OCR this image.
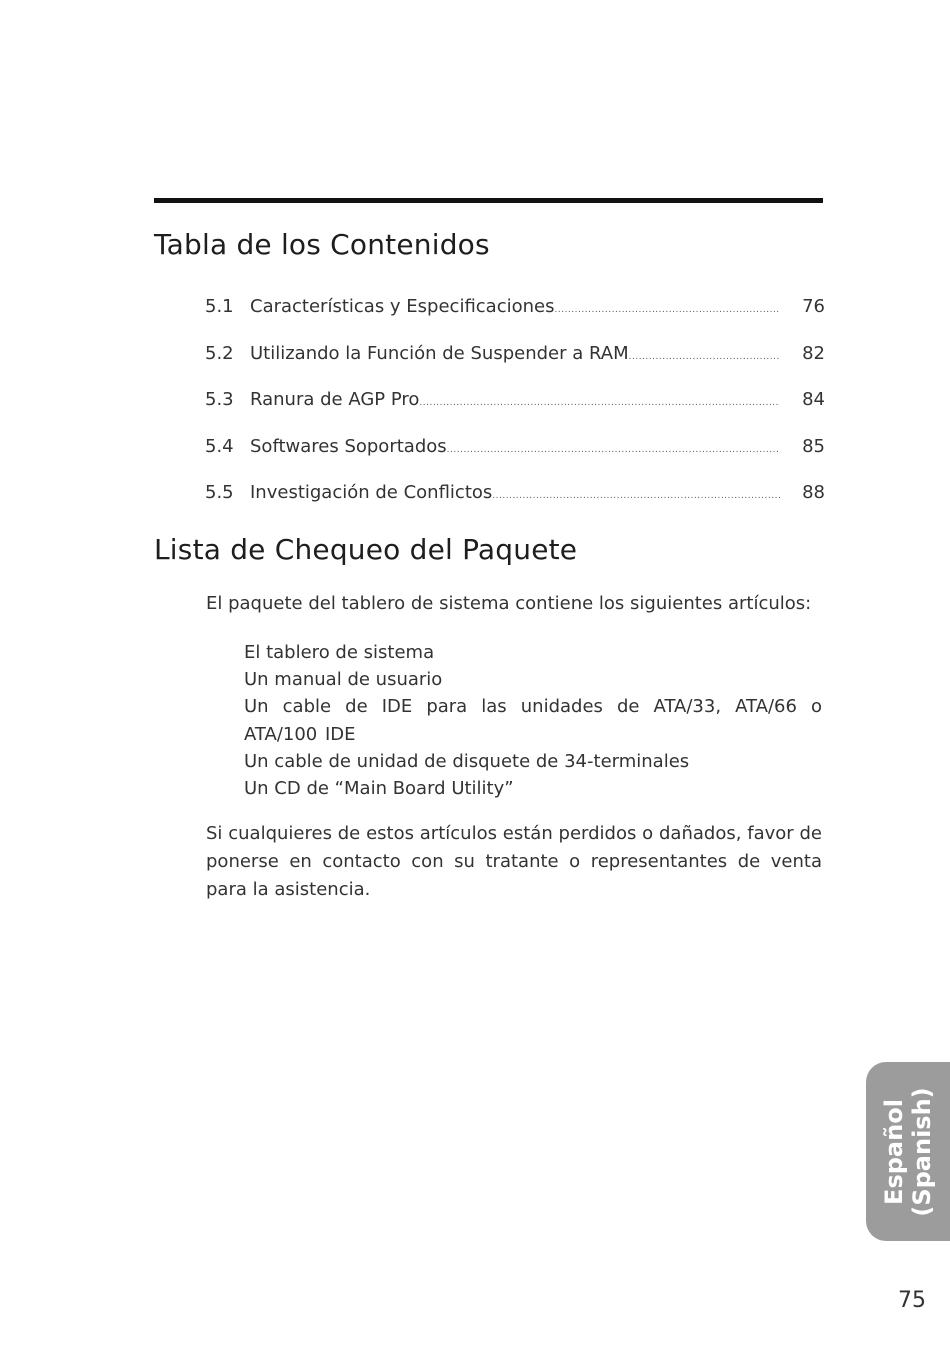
Tabla de los Contenidos
5.1 Características y Especificaciones .....	76
5.2 Utilizando la Función de Suspender a RAM .....	82
5.3 Ranura de AGP Pro .....	84
5.4 Softwares Soportados .....	85
5.5 Investigación de Conflictos .....	88
Lista de Chequeo del Paquete

El paquete del tablero de sistema contiene los siguientes artículos:

El tablero de sistema
Un manual de usuario
Un cable de IDE para las unidades de ATA/33, ATA/66 o ATA/100 IDE
Un cable de unidad de disquete de 34-terminales
Un CD de “Main Board Utility”

Si cualquieres de estos artículos están perdidos o dañados, favor de ponerse en contacto con su tratante o representantes de venta para la asistencia.

Español (Spanish)
75
